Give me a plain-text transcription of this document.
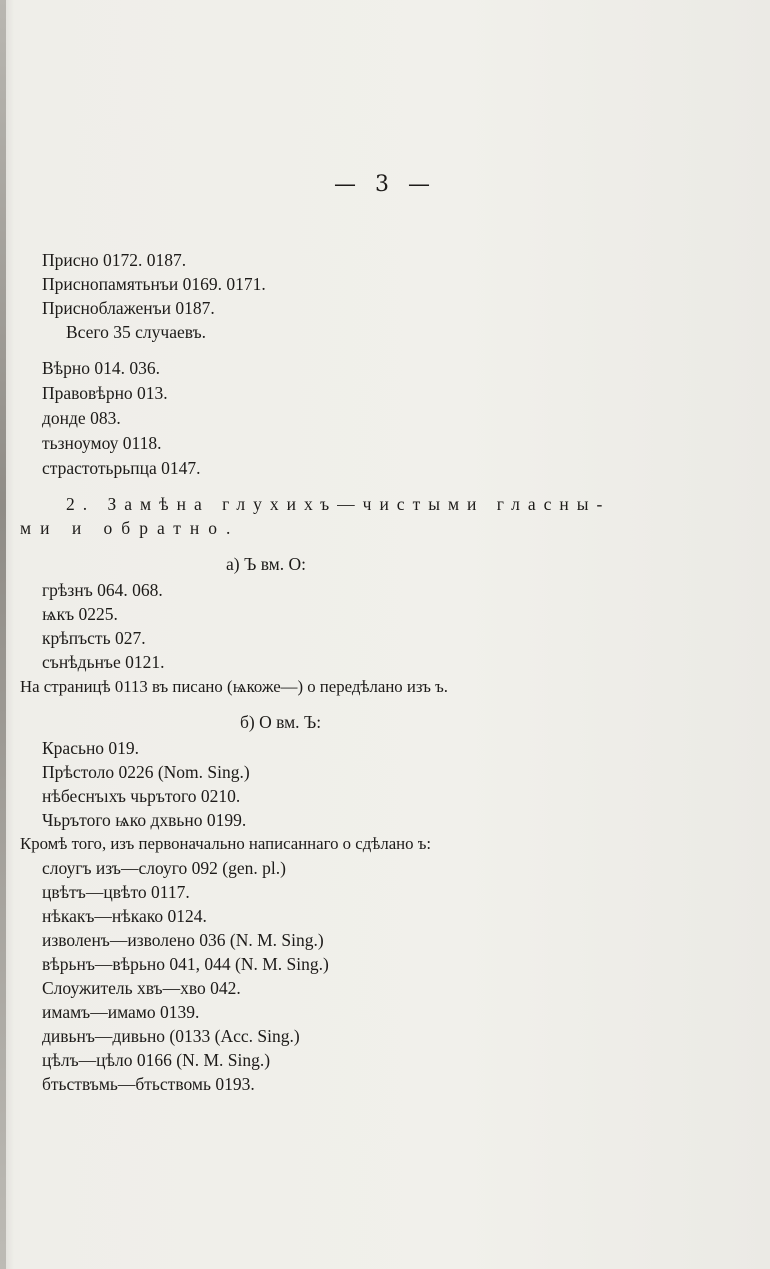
— 3 —
Присно 0172. 0187.
Приснопамятьнъи 0169. 0171.
Приснoблаженъи 0187.
Всего 35 случаевъ.
Вѣрно 014. 036.
Правовѣрно 013.
донде 083.
тьзноумоу 0118.
страстотьрьпца 0147.
2. Замѣна глухихъ—чистыми гласны-
ми и обратно.
а) Ъ вм. О:
грѣзнъ 064. 068.
ѩкъ 0225.
крѣпъсть 027.
сънѣдьнъе 0121.
На страницѣ 0113 въ писано (ѩкоже—) о передѣлано изъ ъ.
б) О вм. Ъ:
Красьно 019.
Прѣстоло 0226 (Nom. Sing.)
нѣбеснъıхъ чьрътого 0210.
Чьрътого ѩко дхвьно 0199.
Кромѣ того, изъ первоначально написаннаго о сдѣлано ъ:
слоугъ изъ—слоуго 092 (gen. pl.)
цвѣтъ—цвѣто 0117.
нѣкакъ—нѣкако 0124.
изволенъ—изволено 036 (N. M. Sing.)
вѣрьнъ—вѣрьно 041, 044 (N. M. Sing.)
Слоужитель хвъ—хво 042.
имамъ—имамо 0139.
дивьнъ—дивьно (0133 (Acc. Sing.)
цѣлъ—цѣло 0166 (N. M. Sing.)
бтьствъмь—бтьствомь 0193.
